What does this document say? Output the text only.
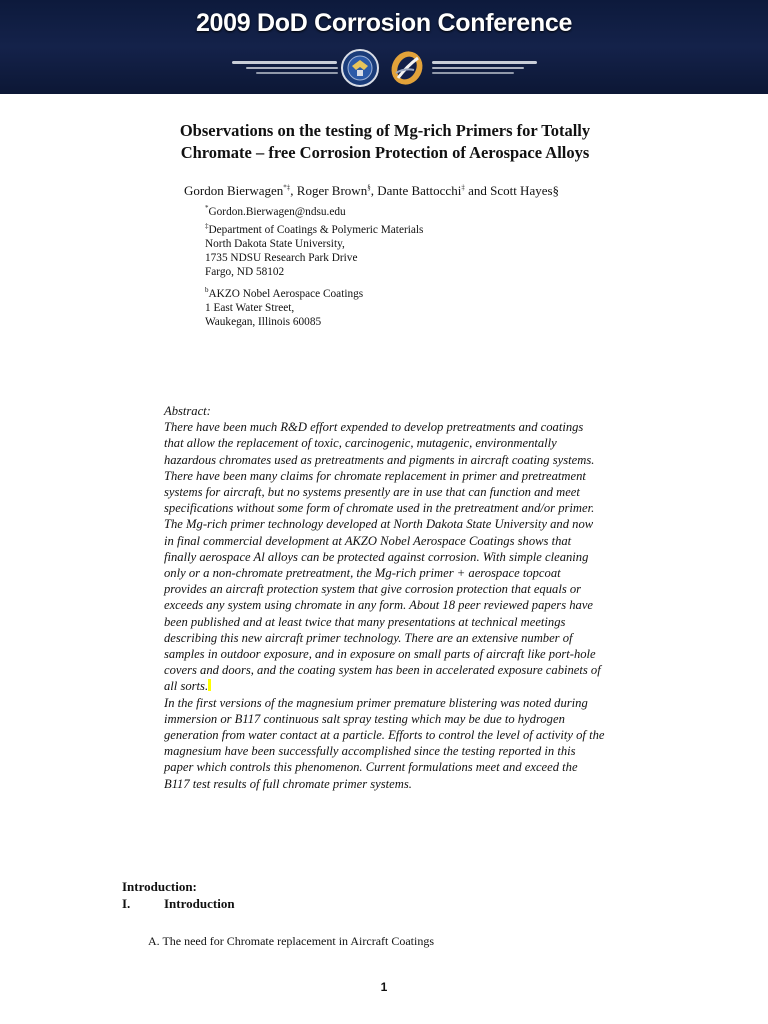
2009 DoD Corrosion Conference
Observations on the testing of Mg-rich Primers for Totally
Chromate – free Corrosion Protection of Aerospace Alloys
Gordon Bierwagen*‡, Roger Brown§, Dante Battocchi‡ and Scott Hayes§
*Gordon.Bierwagen@ndsu.edu
‡Department of Coatings & Polymeric Materials
North Dakota State University,
1735 NDSU Research Park Drive
Fargo, ND 58102
$^b$AKZO Nobel Aerospace Coatings
1 East Water Street,
Waukegan, Illinois 60085

Abstract:

There have been much R&D effort expended to develop pretreatments and coatings that allow the replacement of toxic, carcinogenic, mutagenic, environmentally hazardous chromates used as pretreatments and pigments in aircraft coating systems. There have been many claims for chromate replacement in primer and pretreatment systems for aircraft, but no systems presently are in use that can function and meet specifications without some form of chromate used in the pretreatment and/or primer. The Mg-rich primer technology developed at North Dakota State University and now in final commercial development at AKZO Nobel Aerospace Coatings shows that finally aerospace Al alloys can be protected against corrosion. With simple cleaning only or a non-chromate pretreatment, the Mg-rich primer + aerospace topcoat provides an aircraft protection system that give corrosion protection that equals or exceeds any system using chromate in any form. About 18 peer reviewed papers have been published and at least twice that many presentations at technical meetings describing this new aircraft primer technology. There are an extensive number of samples in outdoor exposure, and in exposure on small parts of aircraft like port-hole covers and doors, and the coating system has been in accelerated exposure cabinets of all sorts.

In the first versions of the magnesium primer premature blistering was noted during immersion or B117 continuous salt spray testing which may be due to hydrogen generation from water contact at a particle. Efforts to control the level of activity of the magnesium have been successfully accomplished since the testing reported in this paper which controls this phenomenon. Current formulations meet and exceed the B117 test results of full chromate primer systems.

Introduction:
I.	Introduction
A. The need for Chromate replacement in Aircraft Coatings
1
